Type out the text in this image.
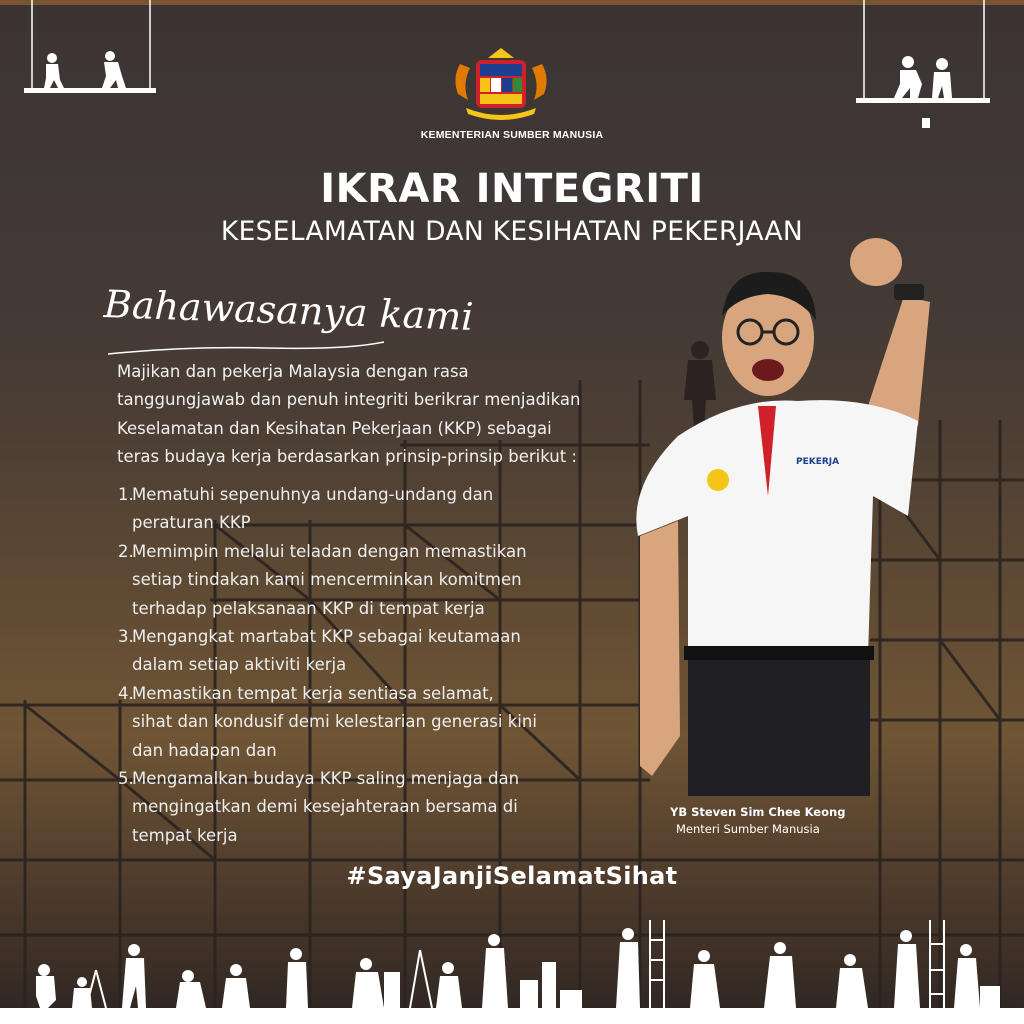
KEMENTERIAN SUMBER MANUSIA
IKRAR INTEGRITI
KESELAMATAN DAN KESIHATAN PEKERJAAN
Bahawasanya kami

Majikan dan pekerja Malaysia dengan rasa

tanggungjawab dan penuh integriti berikrar menjadikan

Keselamatan dan Kesihatan Pekerjaan (KKP) sebagai

teras budaya kerja berdasarkan prinsip-prinsip berikut :

1.
Mematuhi sepenuhnya undang-undang dan
peraturan KKP
2.
Memimpin melalui teladan dengan memastikan
setiap tindakan kami mencerminkan komitmen
terhadap pelaksanaan KKP di tempat kerja
3.
Mengangkat martabat KKP sebagai keutamaan
dalam setiap aktiviti kerja
4.
Memastikan tempat kerja sentiasa selamat,
sihat dan kondusif demi kelestarian generasi kini
dan hadapan dan
5.
Mengamalkan budaya KKP saling menjaga dan
mengingatkan demi kesejahteraan bersama di
tempat kerja
PEKERJA
YB Steven Sim Chee Keong
Menteri Sumber Manusia
#SayaJanjiSelamatSihat
